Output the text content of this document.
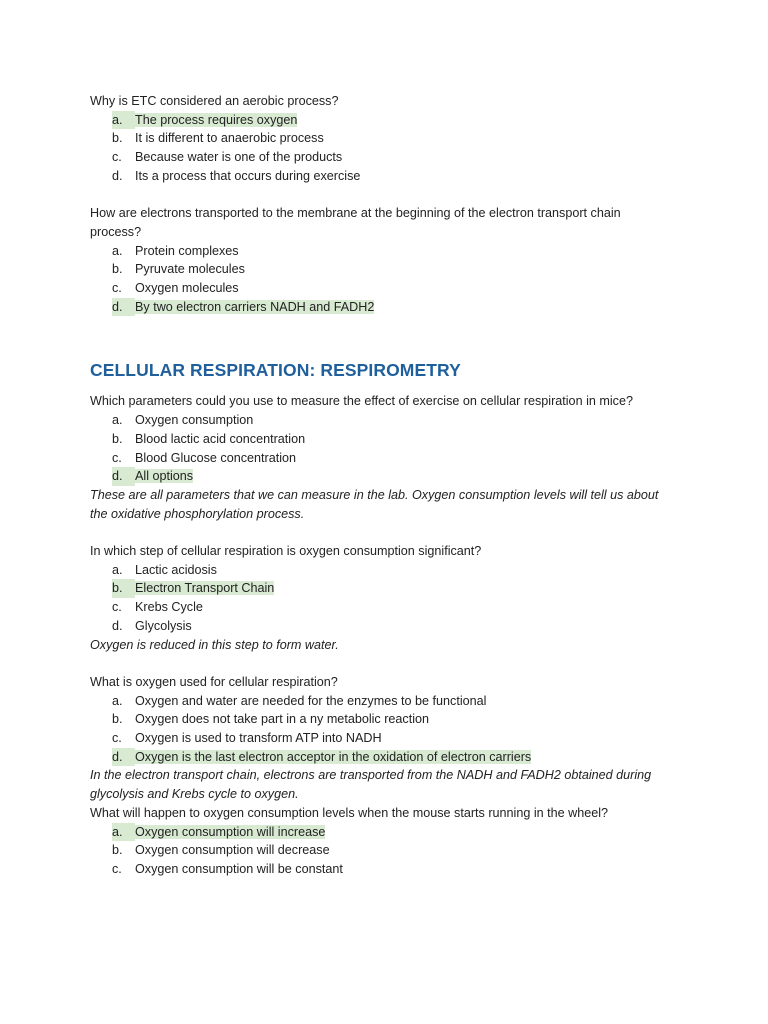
Why is ETC considered an aerobic process?
a. The process requires oxygen
b. It is different to anaerobic process
c.	Because water is one of the products
d. Its a process that occurs during exercise
How are electrons transported to the membrane at the beginning of the electron transport chain process?
a. Protein complexes
b. Pyruvate molecules
c.	Oxygen molecules
d. By two electron carriers NADH and FADH2
CELLULAR RESPIRATION: RESPIROMETRY
Which parameters could you use to measure the effect of exercise on cellular respiration in mice?
a. Oxygen consumption
b. Blood lactic acid concentration
c.	Blood Glucose concentration
d. All options
These are all parameters that we can measure in the lab. Oxygen consumption levels will tell us about the oxidative phosphorylation process.
In which step of cellular respiration is oxygen consumption significant?
a. Lactic acidosis
b. Electron Transport Chain
c.	Krebs Cycle
d. Glycolysis
Oxygen is reduced in this step to form water.
What is oxygen used for cellular respiration?
a. Oxygen and water are needed for the enzymes to be functional
b. Oxygen does not take part in a ny metabolic reaction
c.	Oxygen is used to transform ATP into NADH
d. Oxygen is the last electron acceptor in the oxidation of electron carriers
In the electron transport chain, electrons are transported from the NADH and FADH2 obtained during glycolysis and Krebs cycle to oxygen.
What will happen to oxygen consumption levels when the mouse starts running in the wheel?
a. Oxygen consumption will increase
b. Oxygen consumption will decrease
c.	Oxygen consumption will be constant
